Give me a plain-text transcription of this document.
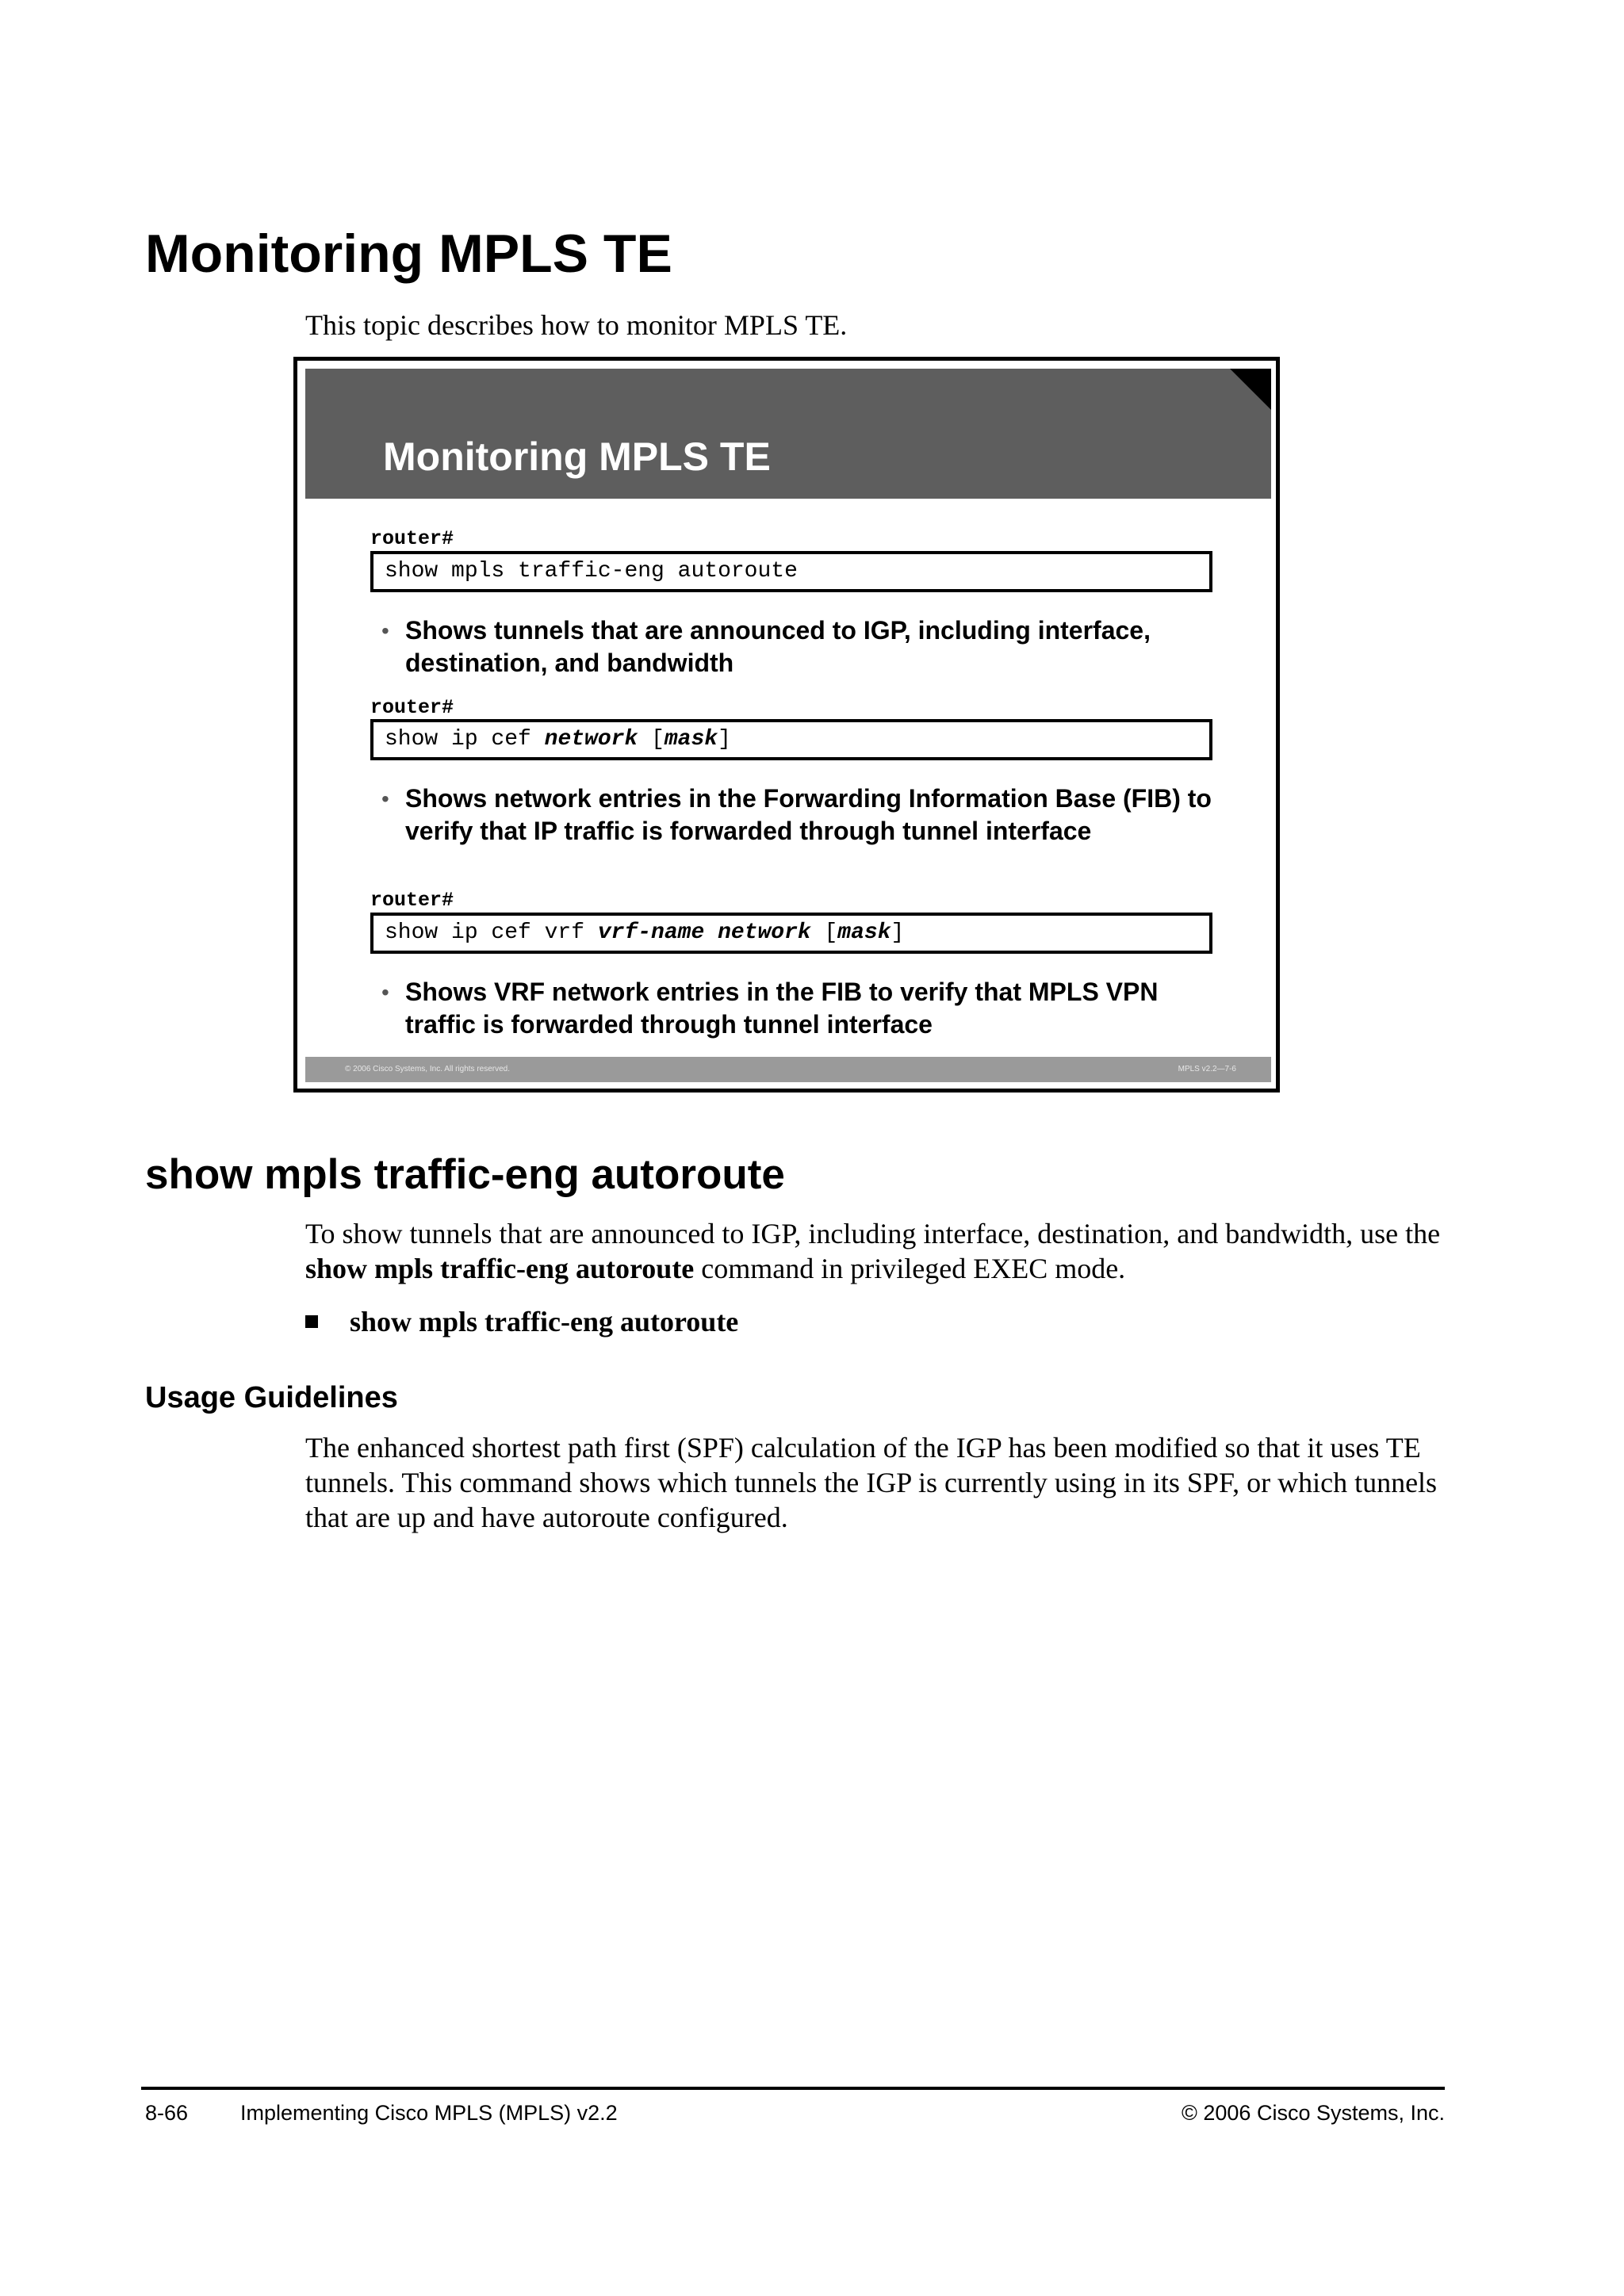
Monitoring MPLS TE

This topic describes how to monitor MPLS TE.

Monitoring MPLS TE
router#
show mpls traffic-eng autoroute
• Shows tunnels that are announced to IGP, including interface, destination, and bandwidth
router#
show ip cef network [mask]
• Shows network entries in the Forwarding Information Base (FIB) to verify that IP traffic is forwarded through tunnel interface
router#
show ip cef vrf vrf-name network [mask]
• Shows VRF network entries in the FIB to verify that MPLS VPN traffic is forwarded through tunnel interface
© 2006 Cisco Systems, Inc. All rights reserved.	MPLS v2.2—7-6
show mpls traffic-eng autoroute

To show tunnels that are announced to IGP, including interface, destination, and bandwidth, use the show mpls traffic-eng autoroute command in privileged EXEC mode.

show mpls traffic-eng autoroute
Usage Guidelines

The enhanced shortest path first (SPF) calculation of the IGP has been modified so that it uses TE tunnels. This command shows which tunnels the IGP is currently using in its SPF, or which tunnels that are up and have autoroute configured.

8-66 Implementing Cisco MPLS (MPLS) v2.2	© 2006 Cisco Systems, Inc.
